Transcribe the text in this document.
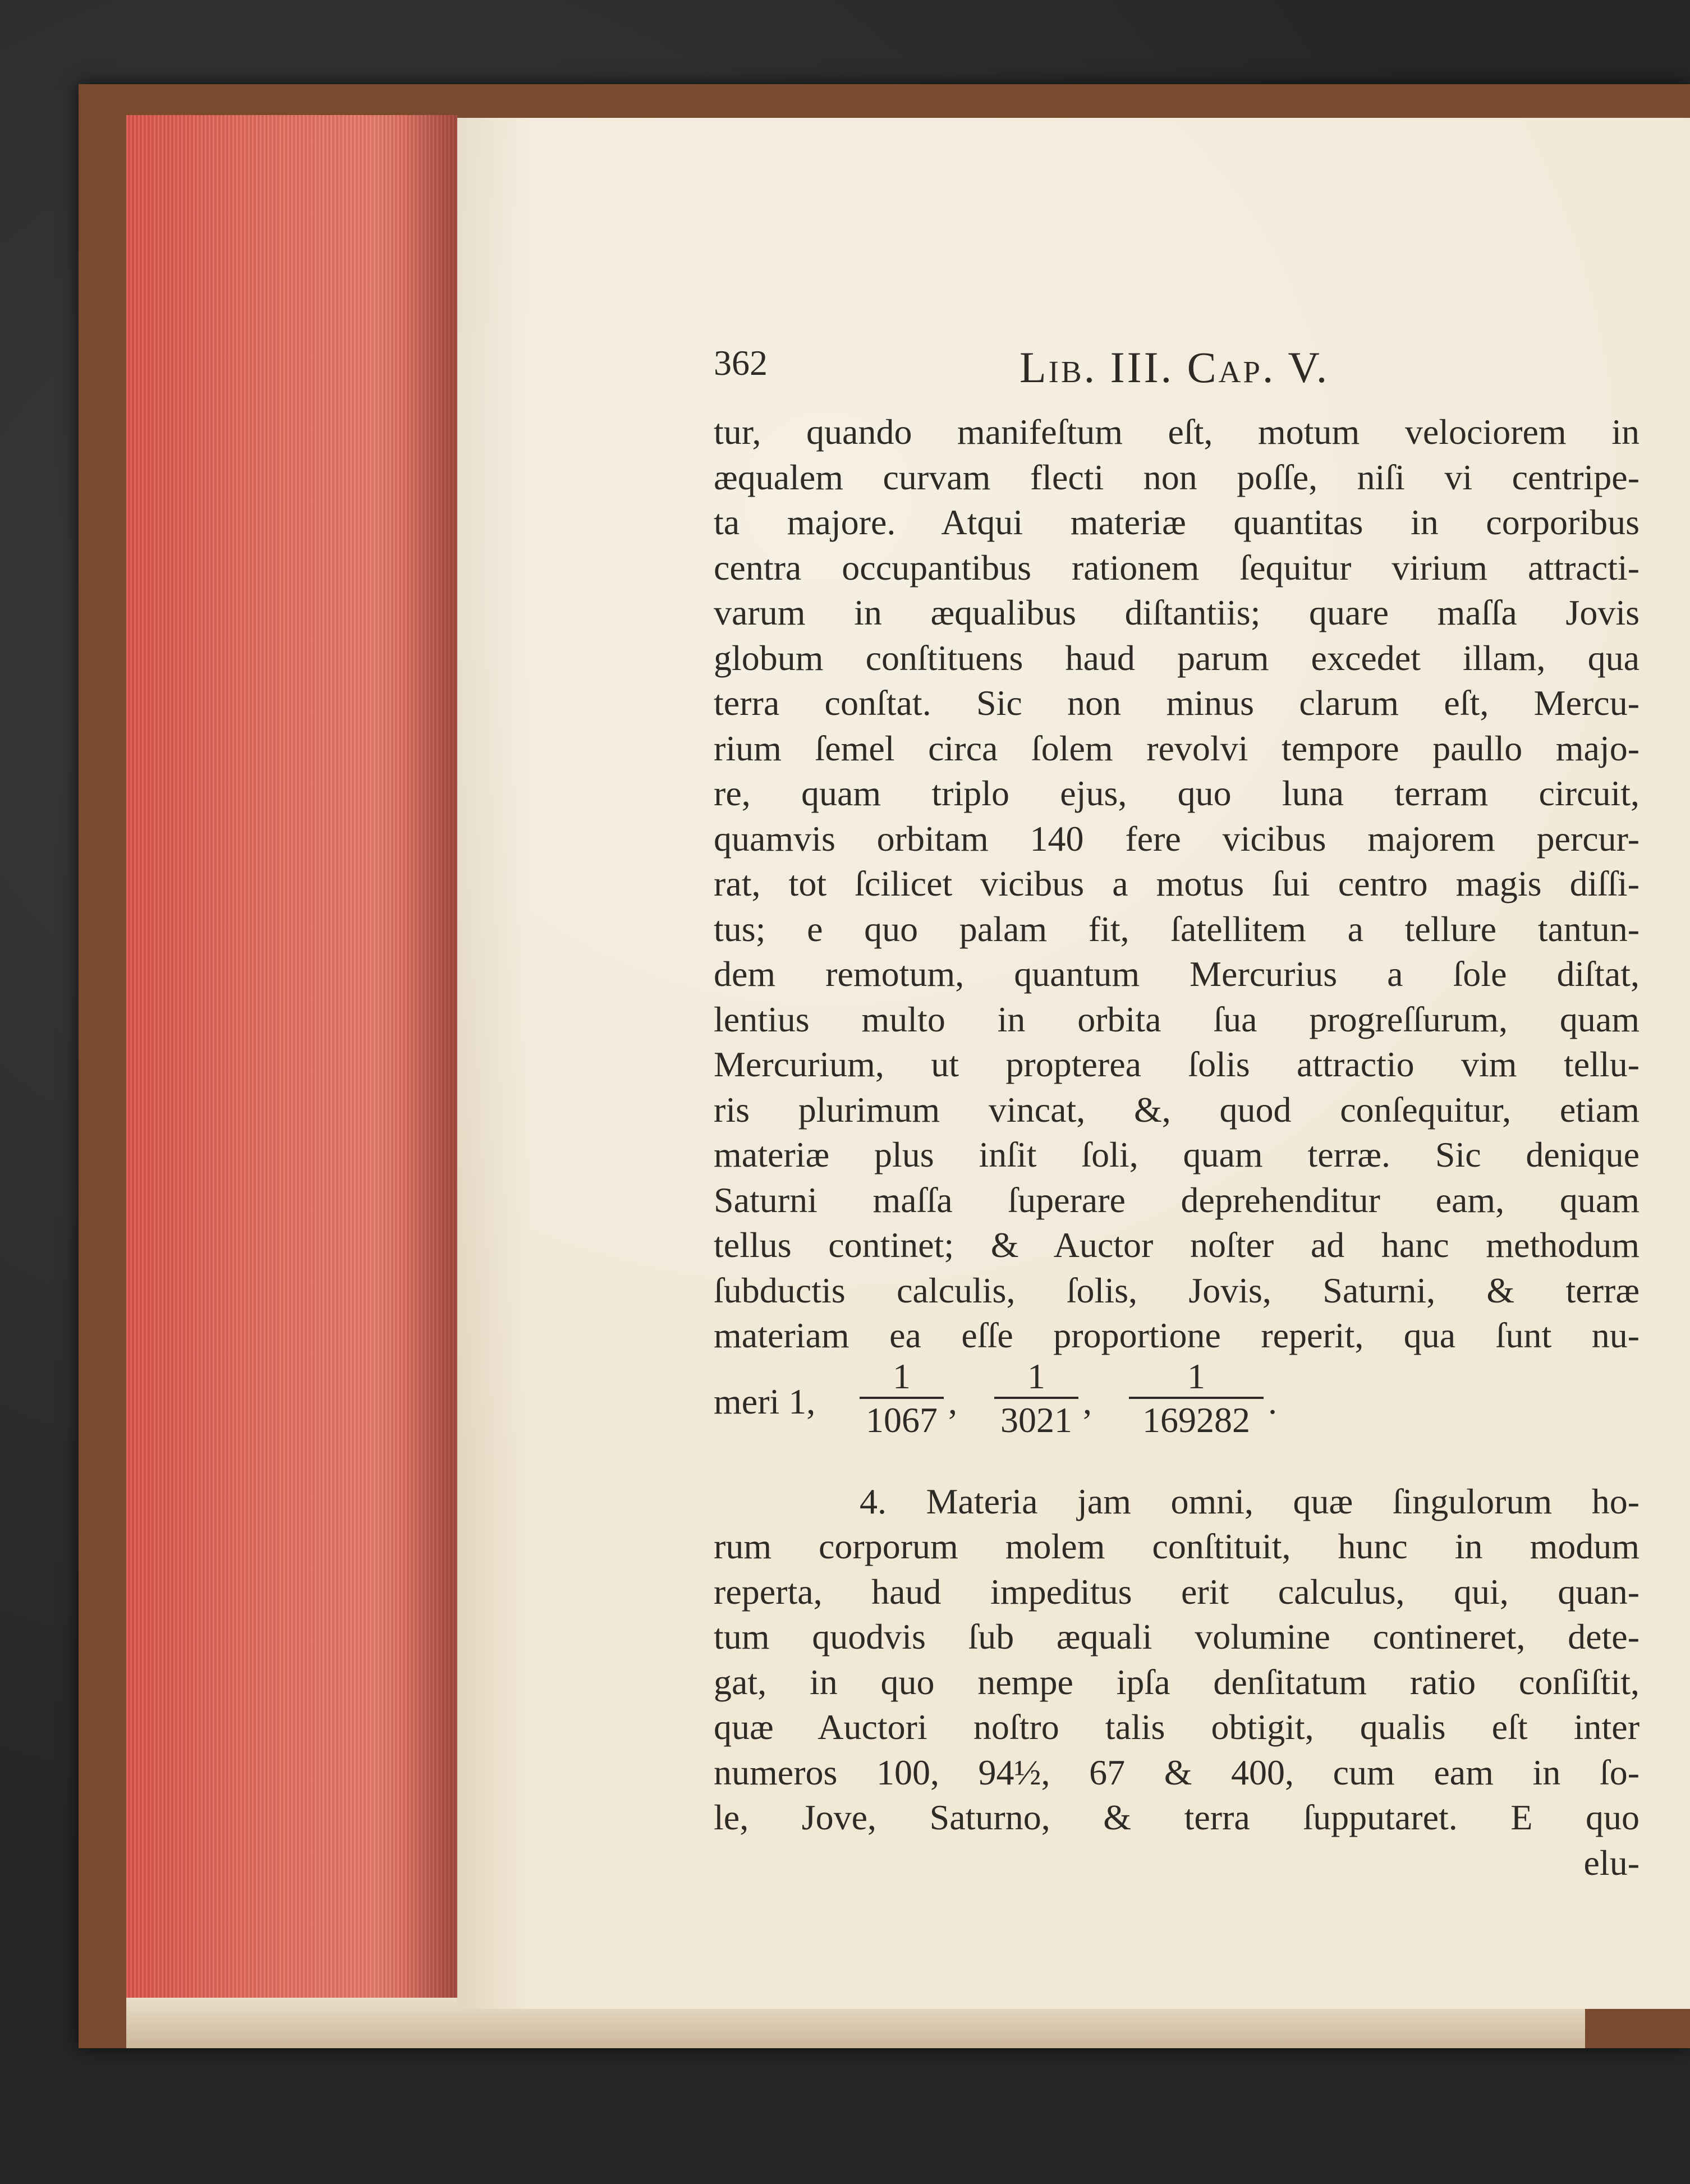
362	Lib. III. Cap. V.
tur, quando manifeſtum eſt, motum velociorem in
æqualem curvam flecti non poſſe, niſi vi centripe-
ta majore. Atqui materiæ quantitas in corporibus
centra occupantibus rationem ſequitur virium attracti-
varum in æqualibus diſtantiis; quare maſſa Jovis
globum conſtituens haud parum excedet illam, qua
terra conſtat. Sic non minus clarum eſt, Mercu-
rium ſemel circa ſolem revolvi tempore paullo majo-
re, quam triplo ejus, quo luna terram circuit,
quamvis orbitam 140 fere vicibus majorem percur-
rat, tot ſcilicet vicibus a motus ſui centro magis diſſi-
tus; e quo palam fit, ſatellitem a tellure tantun-
dem remotum, quantum Mercurius a ſole diſtat,
lentius multo in orbita ſua progreſſurum, quam
Mercurium, ut propterea ſolis attractio vim tellu-
ris plurimum vincat, &, quod conſequitur, etiam
materiæ plus inſit ſoli, quam terræ. Sic denique
Saturni maſſa ſuperare deprehenditur eam, quam
tellus continet; & Auctor noſter ad hanc methodum
ſubductis calculis, ſolis, Jovis, Saturni, & terræ
materiam ea eſſe proportione reperit, qua ſunt nu-
meri 1,
1
1067 ,
1
3021 ,
1
169282 .
4. Materia jam omni, quæ ſingulorum ho-
rum corporum molem conſtituit, hunc in modum
reperta, haud impeditus erit calculus, qui, quan-
tum quodvis ſub æquali volumine contineret, dete-
gat, in quo nempe ipſa denſitatum ratio conſiſtit,
quæ Auctori noſtro talis obtigit, qualis eſt inter
numeros 100, 94½, 67 & 400, cum eam in ſo-
le, Jove, Saturno, & terra ſupputaret. E quo
elu-
